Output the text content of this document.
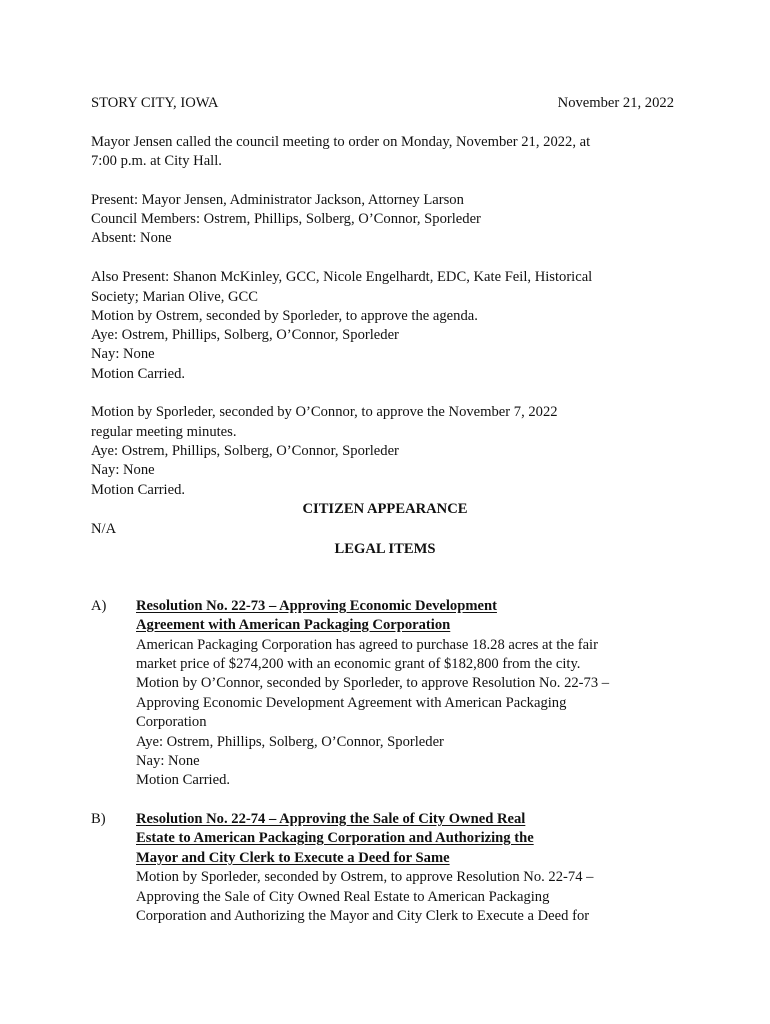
STORY CITY, IOWA	November 21, 2022
Mayor Jensen called the council meeting to order on Monday, November 21, 2022, at
7:00 p.m. at City Hall.
Present: Mayor Jensen, Administrator Jackson, Attorney Larson
Council Members: Ostrem, Phillips, Solberg, O’Connor, Sporleder
Absent: None
Also Present: Shanon McKinley, GCC, Nicole Engelhardt, EDC, Kate Feil, Historical
Society; Marian Olive, GCC
Motion by Ostrem, seconded by Sporleder, to approve the agenda.
Aye: Ostrem, Phillips, Solberg, O’Connor, Sporleder
Nay: None
Motion Carried.
Motion by Sporleder, seconded by O’Connor, to approve the November 7, 2022
regular meeting minutes.
Aye: Ostrem, Phillips, Solberg, O’Connor, Sporleder
Nay: None
Motion Carried.
CITIZEN APPEARANCE
N/A
LEGAL ITEMS
A) Resolution No. 22-73 – Approving Economic Development
Agreement with American Packaging Corporation
American Packaging Corporation has agreed to purchase 18.28 acres at the fair
market price of $274,200 with an economic grant of $182,800 from the city.
Motion by O’Connor, seconded by Sporleder, to approve Resolution No. 22-73 –
Approving Economic Development Agreement with American Packaging
Corporation
Aye: Ostrem, Phillips, Solberg, O’Connor, Sporleder
Nay: None
Motion Carried.
B) Resolution No. 22-74 – Approving the Sale of City Owned Real
Estate to American Packaging Corporation and Authorizing the
Mayor and City Clerk to Execute a Deed for Same
Motion by Sporleder, seconded by Ostrem, to approve Resolution No. 22-74 –
Approving the Sale of City Owned Real Estate to American Packaging
Corporation and Authorizing the Mayor and City Clerk to Execute a Deed for
